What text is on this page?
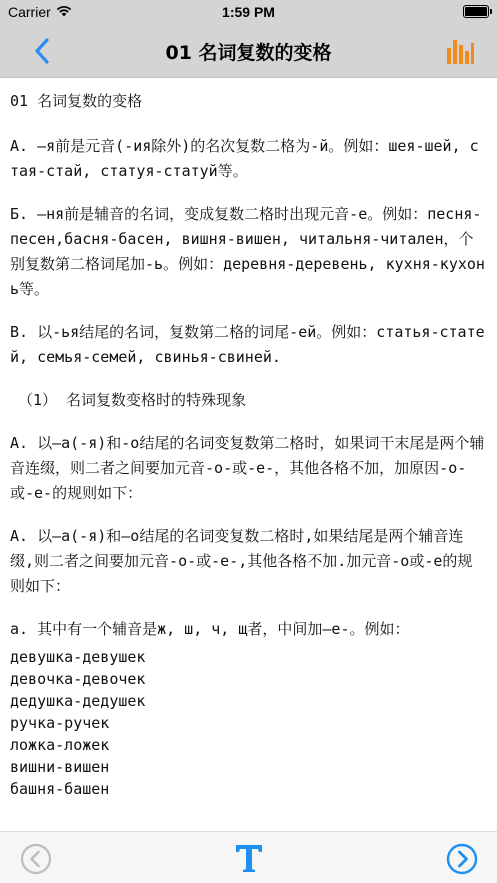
Carrier	1:59 PM
01 名词复数的变格

01 名词复数的变格

А. —я前是元音(-ия除外)的名次复数二格为-й。例如：шея-шей, стая-стай, статуя-статуй等。

Б. —ня前是辅音的名词，变成复数二格时出现元音-е。例如：песня-песен,басня-басен, вишня-вишен, читальня-читален，个别复数第二格词尾加-ь。例如：деревня-деревень, кухня-кухонь等。

В. 以-ья结尾的名词，复数第二格的词尾-ей。例如：статья-статей, семья-семей, свинья-свиней.

（1） 名词复数变格时的特殊现象

А. 以—а(-я)和-о结尾的名词变复数第二格时，如果词干末尾是两个辅音连缀，则二者之间要加元音-о-或-е-，其他各格不加，加原因-о-或-е-的规则如下：

А. 以—а(-я)和—о结尾的名词变复数二格时,如果结尾是两个辅音连缀,则二者之间要加元音-о-或-е-,其他各格不加.加元音-о或-е的规则如下：

а. 其中有一个辅音是ж, ш, ч, щ者，中间加—е-。例如：

девушка-девушек
девочка-девочек
дедушка-дедушек
ручка-ручек
ложка-ложек
вишни-вишен
башня-башен
